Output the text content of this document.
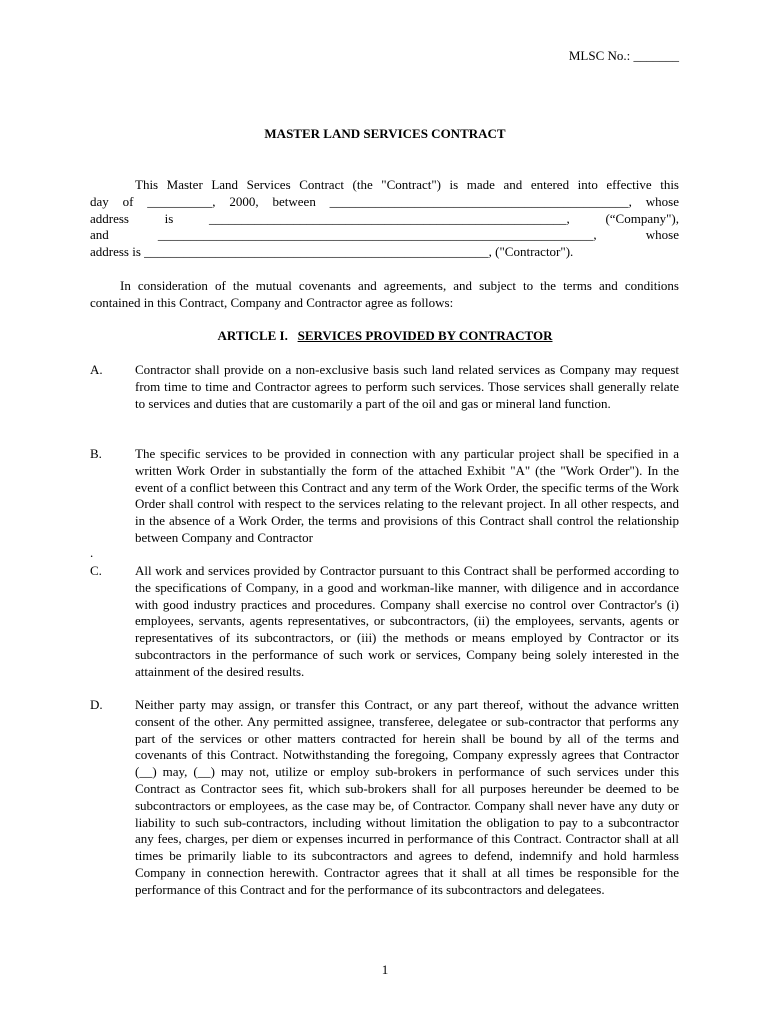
MLSC No.: _______
MASTER LAND SERVICES CONTRACT
This Master Land Services Contract (the "Contract") is made and entered into effective this
day of __________, 2000, between ______________________________________________, whose
address is _______________________________________________________, (“Company"),
and ___________________________________________________________________, whose
address is _____________________________________________________, ("Contractor").

In consideration of the mutual covenants and agreements, and subject to the terms and conditions contained in this Contract, Company and Contractor agree as follows:

ARTICLE I. SERVICES PROVIDED BY CONTRACTOR
A.	Contractor shall provide on a non-exclusive basis such land related services as Company may request from time to time and Contractor agrees to perform such services. Those services shall generally relate to services and duties that are customarily a part of the oil and gas or mineral land function.
B.	The specific services to be provided in connection with any particular project shall be specified in a written Work Order in substantially the form of the attached Exhibit "A" (the "Work Order"). In the event of a conflict between this Contract and any term of the Work Order, the specific terms of the Work Order shall control with respect to the services relating to the relevant project. In all other respects, and in the absence of a Work Order, the terms and provisions of this Contract shall control the relationship between Company and Contractor
.
C.	All work and services provided by Contractor pursuant to this Contract shall be performed according to the specifications of Company, in a good and workman-like manner, with diligence and in accordance with good industry practices and procedures. Company shall exercise no control over Contractor's (i) employees, servants, agents representatives, or subcontractors, (ii) the employees, servants, agents or representatives of its subcontractors, or (iii) the methods or means employed by Contractor or its subcontractors in the performance of such work or services, Company being solely interested in the attainment of the desired results.
D.	Neither party may assign, or transfer this Contract, or any part thereof, without the advance written consent of the other. Any permitted assignee, transferee, delegatee or sub-contractor that performs any part of the services or other matters contracted for herein shall be bound by all of the terms and covenants of this Contract. Notwithstanding the foregoing, Company expressly agrees that Contractor (__) may, (__) may not, utilize or employ sub-brokers in performance of such services under this Contract as Contractor sees fit, which sub-brokers shall for all purposes hereunder be deemed to be subcontractors or employees, as the case may be, of Contractor. Company shall never have any duty or liability to such sub-contractors, including without limitation the obligation to pay to a subcontractor any fees, charges, per diem or expenses incurred in performance of this Contract. Contractor shall at all times be primarily liable to its subcontractors and agrees to defend, indemnify and hold harmless Company in connection herewith. Contractor agrees that it shall at all times be responsible for the performance of this Contract and for the performance of its subcontractors and delegatees.
1
